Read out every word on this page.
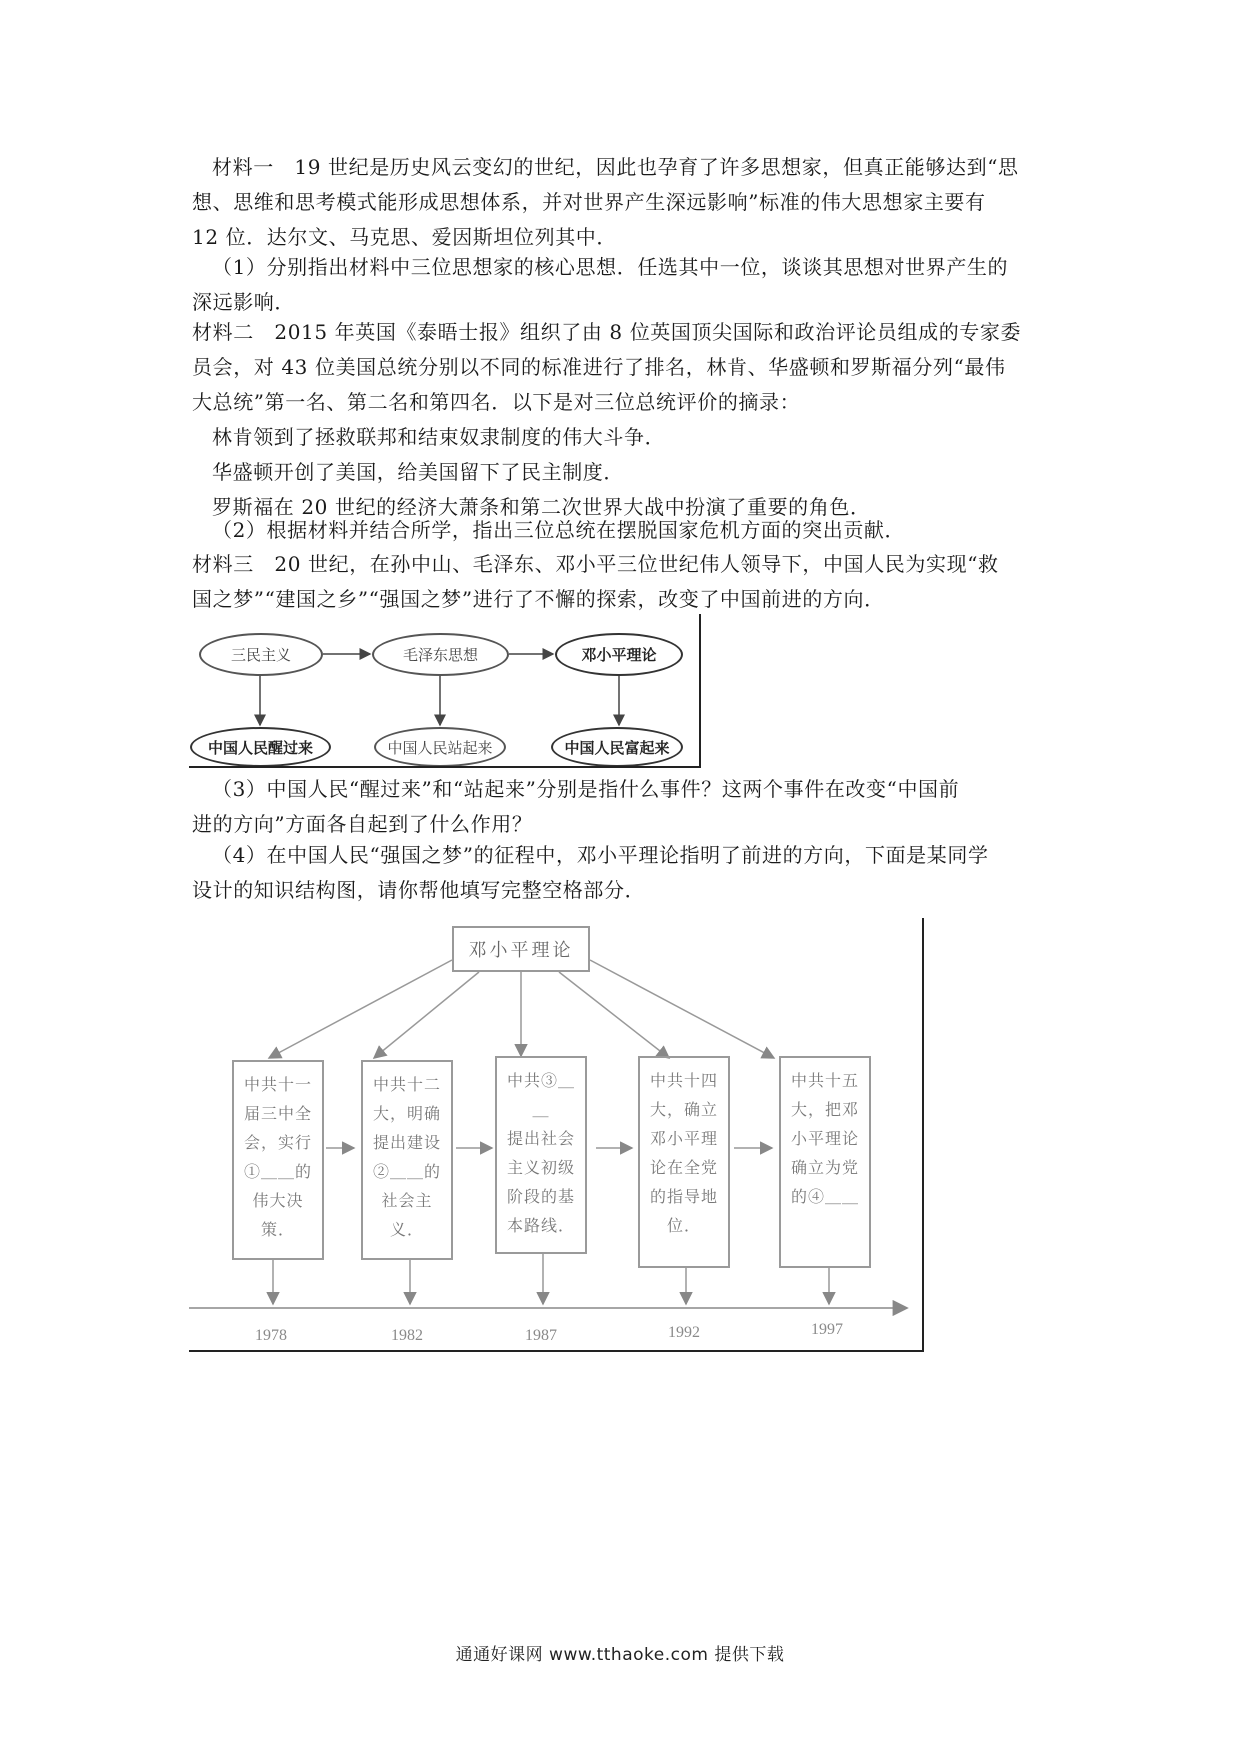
材料一　19 世纪是历史风云变幻的世纪，因此也孕育了许多思想家，但真正能够达到“思
想、思维和思考模式能形成思想体系，并对世界产生深远影响”标准的伟大思想家主要有
12 位．达尔文、马克思、爱因斯坦位列其中．
（1）分别指出材料中三位思想家的核心思想．任选其中一位，谈谈其思想对世界产生的
深远影响．
材料二　2015 年英国《泰晤士报》组织了由 8 位英国顶尖国际和政治评论员组成的专家委
员会，对 43 位美国总统分别以不同的标准进行了排名，林肯、华盛顿和罗斯福分列“最伟
大总统”第一名、第二名和第四名．以下是对三位总统评价的摘录：
林肯领到了拯救联邦和结束奴隶制度的伟大斗争．
华盛顿开创了美国，给美国留下了民主制度．
罗斯福在 20 世纪的经济大萧条和第二次世界大战中扮演了重要的角色．
（2）根据材料并结合所学，指出三位总统在摆脱国家危机方面的突出贡献．
材料三　20 世纪，在孙中山、毛泽东、邓小平三位世纪伟人领导下，中国人民为实现“救
国之梦”“建国之乡”“强国之梦”进行了不懈的探索，改变了中国前进的方向．
三民主义	毛泽东思想	邓小平理论
中国人民醒过来	中国人民站起来	中国人民富起来
（3）中国人民“醒过来”和“站起来”分别是指什么事件？这两个事件在改变“中国前
进的方向”方面各自起到了什么作用？
（4）在中国人民“强国之梦”的征程中，邓小平理论指明了前进的方向，下面是某同学
设计的知识结构图，请你帮他填写完整空格部分．
邓小平理论
中共十一
届三中全
会，实行
①＿＿的
伟大决策．
中共十二
大，明确
提出建设
②＿＿的
社会主义．
中共③＿＿
提出社会
主义初级
阶段的基
本路线．
中共十四
大，确立
邓小平理
论在全党
的指导地
位．
中共十五
大，把邓
小平理论
确立为党
的④＿＿
1978	1982	1987	1992	1997
通通好课网 www.tthaoke.com 提供下载
